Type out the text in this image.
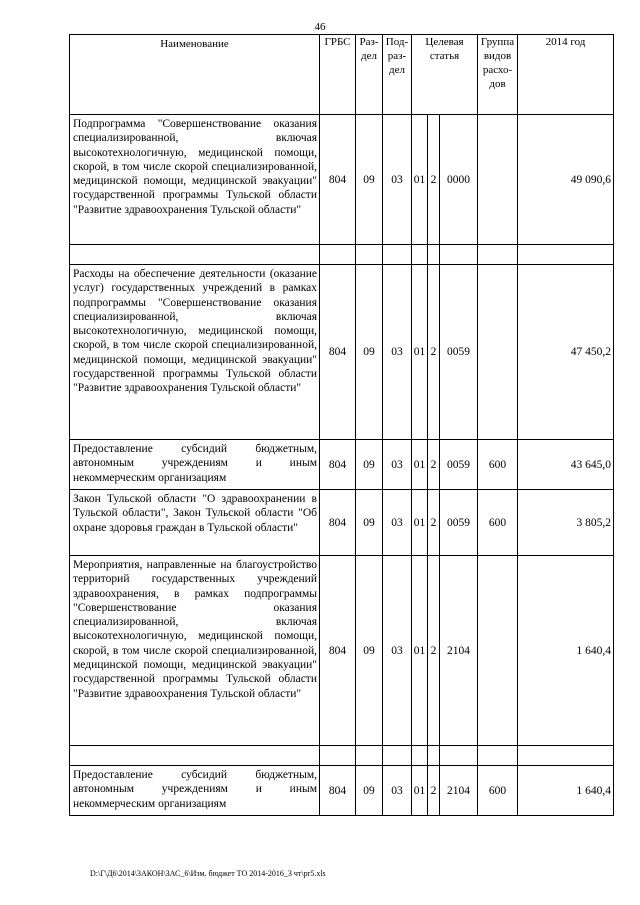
46
Наименование	ГРБС	Раз- дел	Под- раз- дел	Целевая статья			Группа видов расхо- дов	2014 год
Подпрограмма "Совершенствование оказания специализированной, включая высокотехнологичную, медицинской помощи, скорой, в том числе скорой специализированной, медицинской помощи, медицинской эвакуации" государственной программы Тульской области "Развитие здравоохранения Тульской области"	804	09	03	01	2	0000		49 090,6

Расходы на обеспечение деятельности (оказание услуг) государственных учреждений в рамках подпрограммы "Совершенствование оказания специализированной, включая высокотехнологичную, медицинской помощи, скорой, в том числе скорой специализированной, медицинской помощи, медицинской эвакуации" государственной программы Тульской области "Развитие здравоохранения Тульской области"	804	09	03	01	2	0059		47 450,2
Предоставление субсидий бюджетным, автономным учреждениям и иным некоммерческим организациям	804	09	03	01	2	0059	600	43 645,0
Закон Тульской области "О здравоохранении в Тульской области", Закон Тульской области "Об охране здоровья граждан в Тульской области"	804	09	03	01	2	0059	600	3 805,2
Мероприятия, направленные на благоустройство территорий государственных учреждений здравоохранения, в рамках подпрограммы "Совершенствование оказания специализированной, включая высокотехнологичную, медицинской помощи, скорой, в том числе скорой специализированной, медицинской помощи, медицинской эвакуации" государственной программы Тульской области "Развитие здравоохранения Тульской области"	804	09	03	01	2	2104		1 640,4

Предоставление субсидий бюджетным, автономным учреждениям и иным некоммерческим организациям	804	09	03	01	2	2104	600	1 640,4
D:\Г\Д6\2014\ЗАКОН\ЗАС_6\Изм. бюджет ТО 2014-2016_3 чт\pr5.xls
